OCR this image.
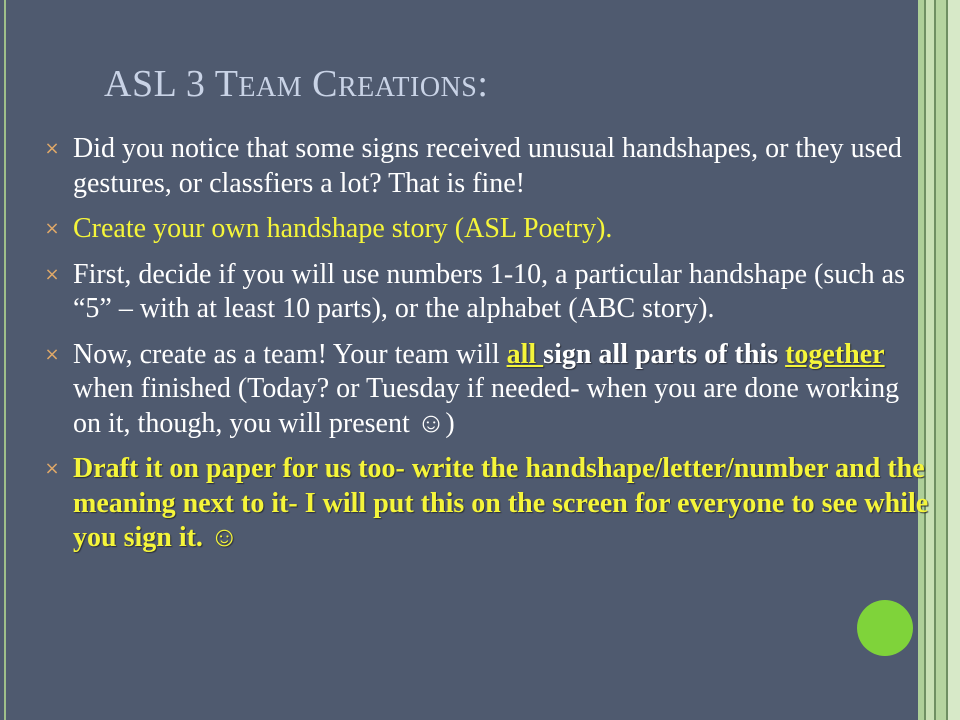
ASL 3 TEAM CREATIONS:
× Did you notice that some signs received unusual handshapes, or they used gestures, or classfiers a lot? That is fine!
× Create your own handshape story (ASL Poetry).
× First, decide if you will use numbers 1-10, a particular handshape (such as “5” – with at least 10 parts), or the alphabet (ABC story).
× Now, create as a team! Your team will all sign all parts of this together when finished (Today? or Tuesday if needed- when you are done working on it, though, you will present ☺)
× Draft it on paper for us too- write the handshape/letter/number and the meaning next to it- I will put this on the screen for everyone to see while you sign it. ☺
